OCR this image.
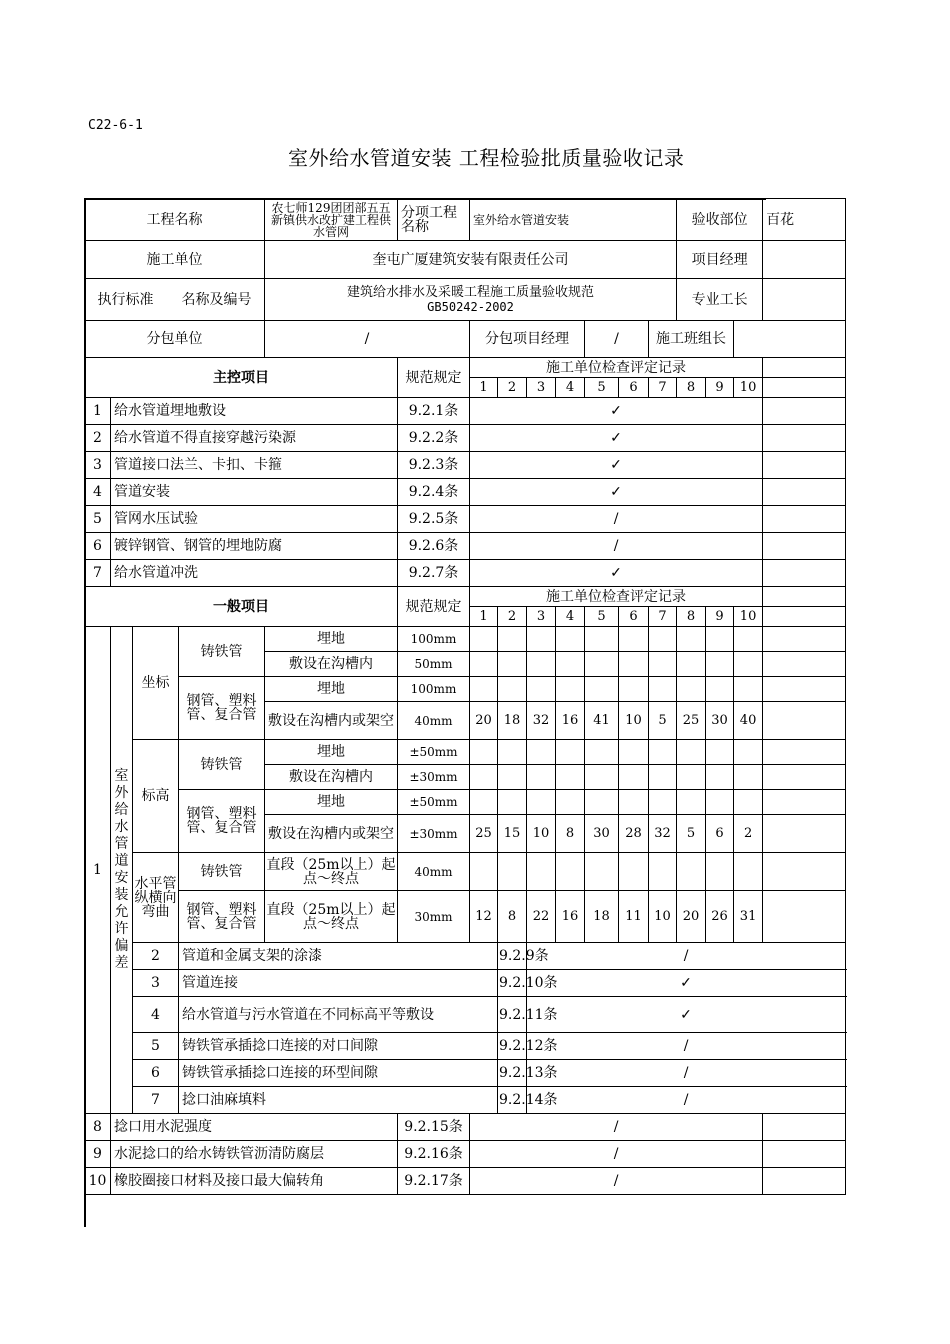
C22-6-1
室外给水管道安装 工程检验批质量验收记录
工程名称				农七师129团团部五五新镇供水改扩建工程供水管网	分项工程名称	室外给水管道安装							验收部位			百花	
施工单位				奎屯广厦建筑安装有限责任公司									项目经理				
执行标准　　名称及编号				建筑给水排水及采暖工程施工质量验收规范
GB50242-2002									专业工长				
分包单位				/		分包项目经理				/		施工班组长					
主控项目					规范规定	施工单位检查评定记录											
						1	2	3	4	5	6	7	8	9	10		
1	给水管道埋地敷设				9.2.1条	✓											
2	给水管道不得直接穿越污染源				9.2.2条	✓											
3	管道接口法兰、卡扣、卡箍				9.2.3条	✓											
4	管道安装				9.2.4条	✓											
5	管网水压试验				9.2.5条	/											
6	镀锌钢管、钢管的埋地防腐				9.2.6条	/											
7	给水管道冲洗				9.2.7条	✓											
一般项目					规范规定	施工单位检查评定记录											
						1	2	3	4	5	6	7	8	9	10		
1	室外给水管道安装允许偏差	坐标	铸铁管	埋地	100mm												
				敷设在沟槽内	50mm												
			钢管、塑料管、复合管	埋地	100mm												
				敷设在沟槽内或架空	40mm	20	18	32	16	41	10	5	25	30	40		
		标高	铸铁管	埋地	±50mm												
				敷设在沟槽内	±30mm												
			钢管、塑料管、复合管	埋地	±50mm												
				敷设在沟槽内或架空	±30mm	25	15	10	8	30	28	32	5	6	2		
		水平管纵横向弯曲	铸铁管	直段（25m以上）起点～终点	40mm												
			钢管、塑料管、复合管	直段（25m以上）起点～终点	30mm	12	8	22	16	18	11	10	20	26	31		
		2	管道和金属支架的涂漆				9.2.9条	/									
		3	管道连接				9.2.10条	✓									
		4	给水管道与污水管道在不同标高平等敷设				9.2.11条	✓									
		5	铸铁管承插捻口连接的对口间隙				9.2.12条	/									
		6	铸铁管承插捻口连接的环型间隙				9.2.13条	/									
		7	捻口油麻填料				9.2.14条	/									
8	捻口用水泥强度				9.2.15条	/											
9	水泥捻口的给水铸铁管沥清防腐层				9.2.16条	/											
10	橡胶圈接口材料及接口最大偏转角				9.2.17条	/											
